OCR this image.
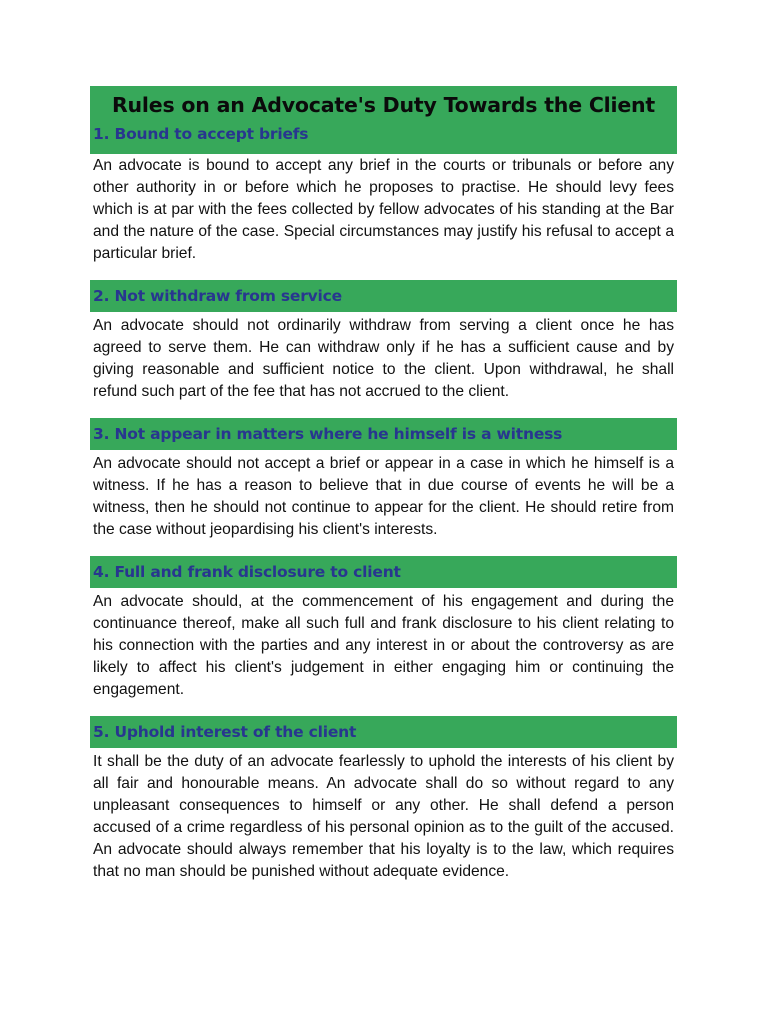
Rules on an Advocate's Duty Towards the Client
1. Bound to accept briefs

An advocate is bound to accept any brief in the courts or tribunals or before any other authority in or before which he proposes to practise. He should levy fees which is at par with the fees collected by fellow advocates of his standing at the Bar and the nature of the case. Special circumstances may justify his refusal to accept a particular brief.

2. Not withdraw from service

An advocate should not ordinarily withdraw from serving a client once he has agreed to serve them. He can withdraw only if he has a sufficient cause and by giving reasonable and sufficient notice to the client. Upon withdrawal, he shall refund such part of the fee that has not accrued to the client.

3. Not appear in matters where he himself is a witness

An advocate should not accept a brief or appear in a case in which he himself is a witness. If he has a reason to believe that in due course of events he will be a witness, then he should not continue to appear for the client. He should retire from the case without jeopardising his client's interests.

4. Full and frank disclosure to client

An advocate should, at the commencement of his engagement and during the continuance thereof, make all such full and frank disclosure to his client relating to his connection with the parties and any interest in or about the controversy as are likely to affect his client's judgement in either engaging him or continuing the engagement.

5. Uphold interest of the client

It shall be the duty of an advocate fearlessly to uphold the interests of his client by all fair and honourable means. An advocate shall do so without regard to any unpleasant consequences to himself or any other. He shall defend a person accused of a crime regardless of his personal opinion as to the guilt of the accused. An advocate should always remember that his loyalty is to the law, which requires that no man should be punished without adequate evidence.
